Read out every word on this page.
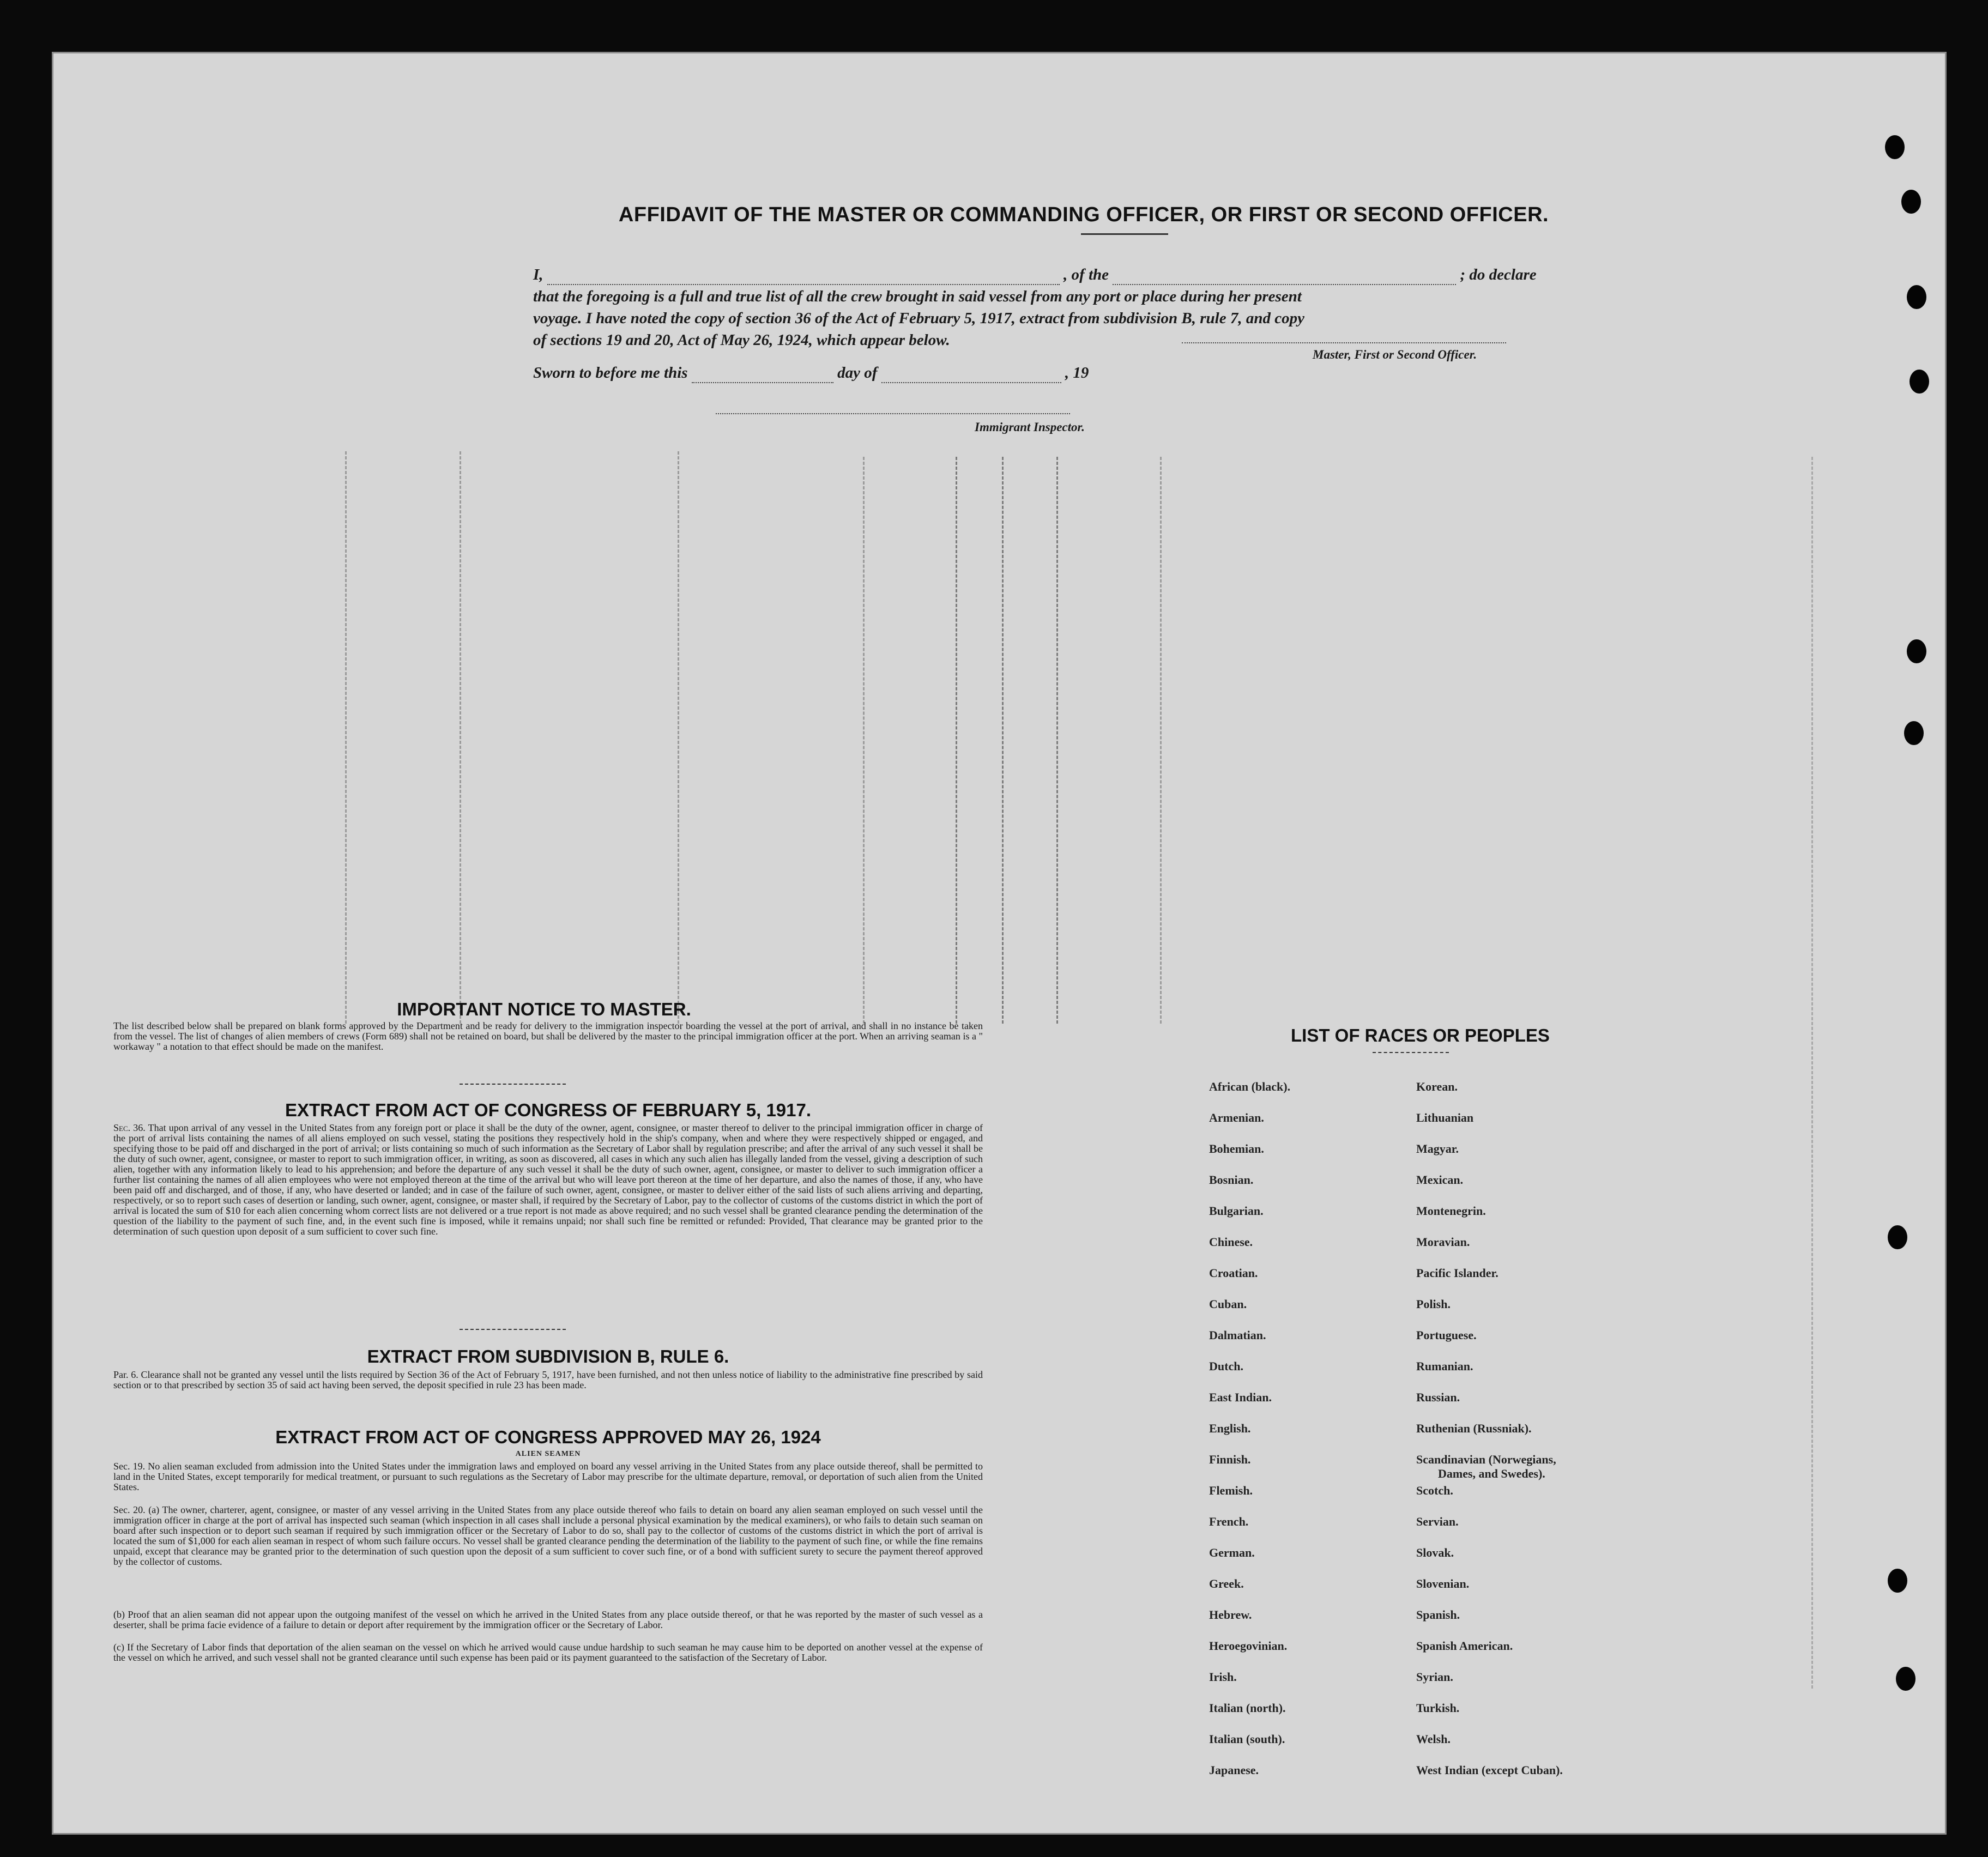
AFFIDAVIT OF THE MASTER OR COMMANDING OFFICER, OR FIRST OR SECOND OFFICER.
I,	, of the	; do declare
that the foregoing is a full and true list of all the crew brought in said vessel from any port or place during her present
voyage. I have noted the copy of section 36 of the Act of February 5, 1917, extract from subdivision B, rule 7, and copy
of sections 19 and 20, Act of May 26, 1924, which appear below.
Master, First or Second Officer.
Sworn to before me this	day of	, 19
Immigrant Inspector.
IMPORTANT NOTICE TO MASTER.
The list described below shall be prepared on blank forms approved by the Department and be ready for delivery to the immigration inspector boarding the vessel at the port of arrival, and shall in no instance be taken from the vessel. The list of changes of alien members of crews (Form 689) shall not be retained on board, but shall be delivered by the master to the principal immigration officer at the port. When an arriving seaman is a " workaway " a notation to that effect should be made on the manifest.
EXTRACT FROM ACT OF CONGRESS OF FEBRUARY 5, 1917.
Sec. 36. That upon arrival of any vessel in the United States from any foreign port or place it shall be the duty of the owner, agent, consignee, or master thereof to deliver to the principal immigration officer in charge of the port of arrival lists containing the names of all aliens employed on such vessel, stating the positions they respectively hold in the ship's company, when and where they were respectively shipped or engaged, and specifying those to be paid off and discharged in the port of arrival; or lists containing so much of such information as the Secretary of Labor shall by regulation prescribe; and after the arrival of any such vessel it shall be the duty of such owner, agent, consignee, or master to report to such immigration officer, in writing, as soon as discovered, all cases in which any such alien has illegally landed from the vessel, giving a description of such alien, together with any information likely to lead to his apprehension; and before the departure of any such vessel it shall be the duty of such owner, agent, consignee, or master to deliver to such immigration officer a further list containing the names of all alien employees who were not employed thereon at the time of the arrival but who will leave port thereon at the time of her departure, and also the names of those, if any, who have been paid off and discharged, and of those, if any, who have deserted or landed; and in case of the failure of such owner, agent, consignee, or master to deliver either of the said lists of such aliens arriving and departing, respectively, or so to report such cases of desertion or landing, such owner, agent, consignee, or master shall, if required by the Secretary of Labor, pay to the collector of customs of the customs district in which the port of arrival is located the sum of $10 for each alien concerning whom correct lists are not delivered or a true report is not made as above required; and no such vessel shall be granted clearance pending the determination of the question of the liability to the payment of such fine, and, in the event such fine is imposed, while it remains unpaid; nor shall such fine be remitted or refunded: Provided, That clearance may be granted prior to the determination of such question upon deposit of a sum sufficient to cover such fine.
EXTRACT FROM SUBDIVISION B, RULE 6.
Par. 6. Clearance shall not be granted any vessel until the lists required by Section 36 of the Act of February 5, 1917, have been furnished, and not then unless notice of liability to the administrative fine prescribed by said section or to that prescribed by section 35 of said act having been served, the deposit specified in rule 23 has been made.
EXTRACT FROM ACT OF CONGRESS APPROVED MAY 26, 1924
ALIEN SEAMEN
Sec. 19. No alien seaman excluded from admission into the United States under the immigration laws and employed on board any vessel arriving in the United States from any place outside thereof, shall be permitted to land in the United States, except temporarily for medical treatment, or pursuant to such regulations as the Secretary of Labor may prescribe for the ultimate departure, removal, or deportation of such alien from the United States.
Sec. 20. (a) The owner, charterer, agent, consignee, or master of any vessel arriving in the United States from any place outside thereof who fails to detain on board any alien seaman employed on such vessel until the immigration officer in charge at the port of arrival has inspected such seaman (which inspection in all cases shall include a personal physical examination by the medical examiners), or who fails to detain such seaman on board after such inspection or to deport such seaman if required by such immigration officer or the Secretary of Labor to do so, shall pay to the collector of customs of the customs district in which the port of arrival is located the sum of $1,000 for each alien seaman in respect of whom such failure occurs. No vessel shall be granted clearance pending the determination of the liability to the payment of such fine, or while the fine remains unpaid, except that clearance may be granted prior to the determination of such question upon the deposit of a sum sufficient to cover such fine, or of a bond with sufficient surety to secure the payment thereof approved by the collector of customs.
(b) Proof that an alien seaman did not appear upon the outgoing manifest of the vessel on which he arrived in the United States from any place outside thereof, or that he was reported by the master of such vessel as a deserter, shall be prima facie evidence of a failure to detain or deport after requirement by the immigration officer or the Secretary of Labor.
(c) If the Secretary of Labor finds that deportation of the alien seaman on the vessel on which he arrived would cause undue hardship to such seaman he may cause him to be deported on another vessel at the expense of the vessel on which he arrived, and such vessel shall not be granted clearance until such expense has been paid or its payment guaranteed to the satisfaction of the Secretary of Labor.
LIST OF RACES OR PEOPLES
African (black).
Armenian.
Bohemian.
Bosnian.
Bulgarian.
Chinese.
Croatian.
Cuban.
Dalmatian.
Dutch.
East Indian.
English.
Finnish.
Flemish.
French.
German.
Greek.
Hebrew.
Heroegovinian.
Irish.
Italian (north).
Italian (south).
Japanese.
Korean.
Lithuanian
Magyar.
Mexican.
Montenegrin.
Moravian.
Pacific Islander.
Polish.
Portuguese.
Rumanian.
Russian.
Ruthenian (Russniak).
Scandinavian (Norwegians,
Dames, and Swedes).
Scotch.
Servian.
Slovak.
Slovenian.
Spanish.
Spanish American.
Syrian.
Turkish.
Welsh.
West Indian (except Cuban).
